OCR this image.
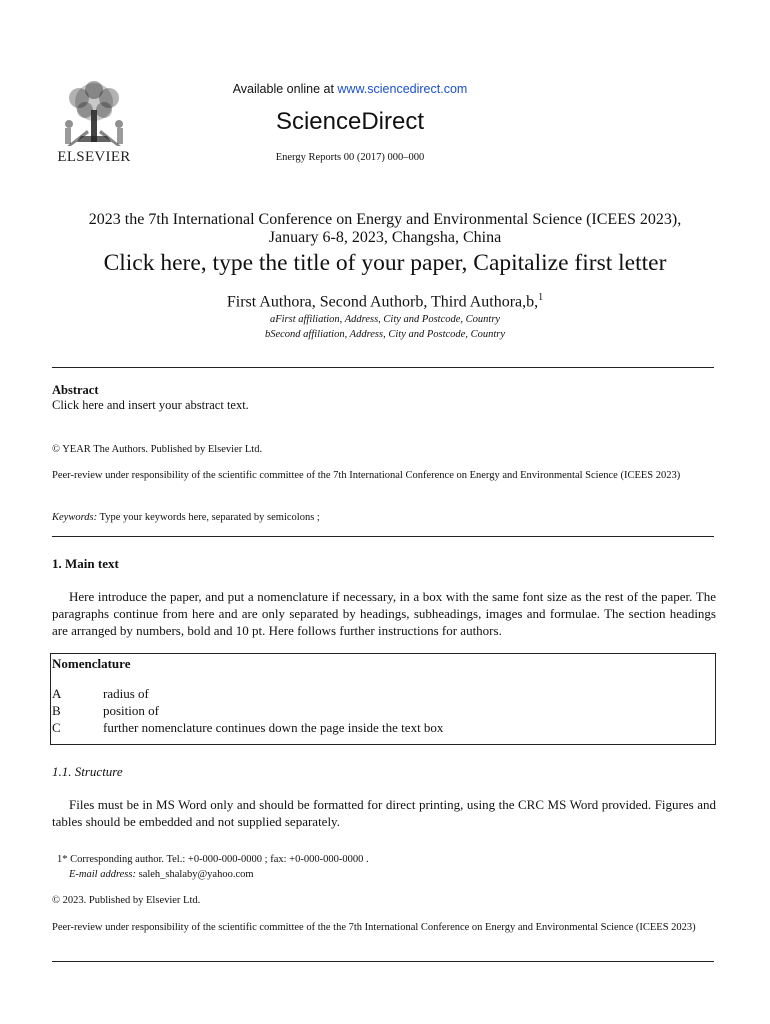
ELSEVIER
Available online at www.sciencedirect.com
ScienceDirect
Energy Reports 00 (2017) 000–000
2023 the 7th International Conference on Energy and Environmental Science (ICEES 2023),
January 6-8, 2023, Changsha, China
Click here, type the title of your paper, Capitalize first letter
First Authora, Second Authorb, Third Authora,b,$^1$
aFirst affiliation, Address, City and Postcode, Country
bSecond affiliation, Address, City and Postcode, Country
Abstract
Click here and insert your abstract text.
© YEAR The Authors. Published by Elsevier Ltd.
Peer-review under responsibility of the scientific committee of the 7th International Conference on Energy and Environmental Science (ICEES 2023)
Keywords: Type your keywords here, separated by semicolons ;
1. Main text
Here introduce the paper, and put a nomenclature if necessary, in a box with the same font size as the rest of the paper. The paragraphs continue from here and are only separated by headings, subheadings, images and formulae. The section headings are arranged by numbers, bold and 10 pt. Here follows further instructions for authors.
Nomenclature
A	radius of
B	position of
C	further nomenclature continues down the page inside the text box
1.1. Structure
Files must be in MS Word only and should be formatted for direct printing, using the CRC MS Word provided. Figures and tables should be embedded and not supplied separately.
1* Corresponding author. Tel.: +0-000-000-0000 ; fax: +0-000-000-0000 .
E-mail address: saleh_shalaby@yahoo.com
© 2023. Published by Elsevier Ltd.
Peer-review under responsibility of the scientific committee of the the 7th International Conference on Energy and Environmental Science (ICEES 2023)
